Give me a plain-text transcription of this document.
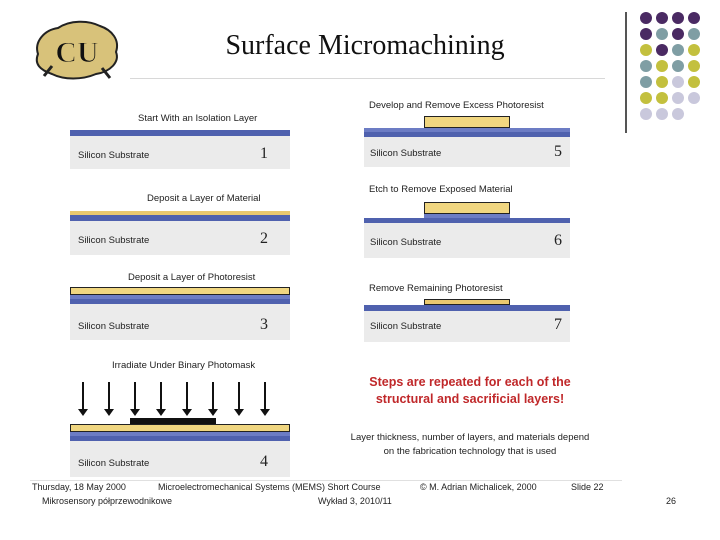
CU	Surface Micromachining
Start With an Isolation Layer
Silicon Substrate	1
Deposit a Layer of Material
Silicon Substrate	2
Deposit a Layer of Photoresist
Silicon Substrate	3
Irradiate Under Binary Photomask
Silicon Substrate	4
Develop and Remove Excess Photoresist
Silicon Substrate	5
Etch to Remove Exposed Material
Silicon Substrate	6
Remove Remaining Photoresist
Silicon Substrate	7
Steps are repeated for each of the structural and sacrificial layers!
Layer thickness, number of layers, and materials depend on the fabrication technology that is used
Thursday, 18 May 2000	Microelectromechanical Systems (MEMS) Short Course	© M. Adrian Michalicek, 2000	Slide 22
Mikrosensory półprzewodnikowe	Wykład 3, 2010/11	26
